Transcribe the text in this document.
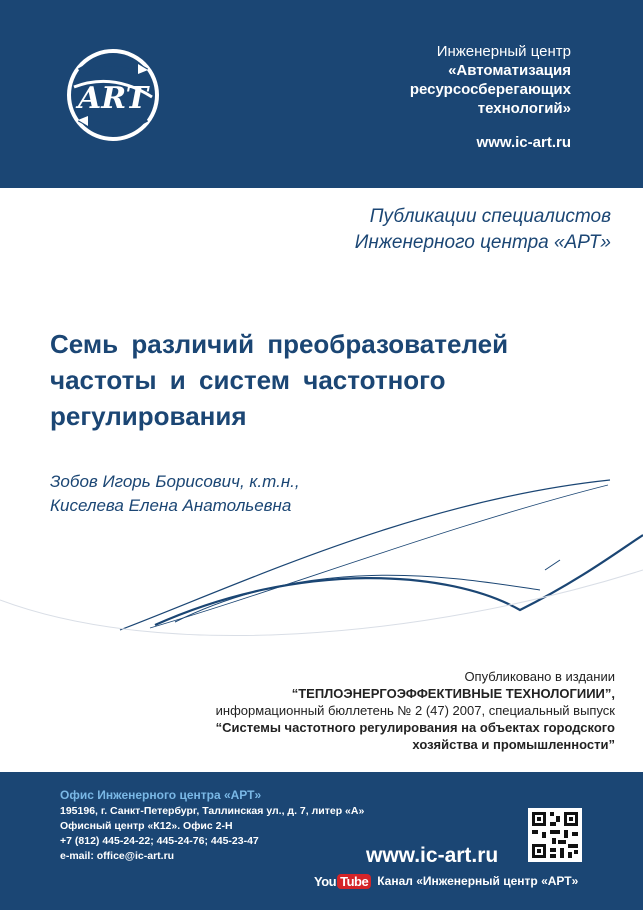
ART
Инженерный центр
«Автоматизация
ресурсосберегающих
технологий»
www.ic-art.ru
Публикации специалистов
Инженерного центра «АРТ»
Семь различий преобразователей
частоты и систем частотного
регулирования
Зобов Игорь Борисович, к.т.н.,
Киселева Елена Анатольевна
Опубликовано в издании
“ТЕПЛОЭНЕРГОЭФФЕКТИВНЫЕ ТЕХНОЛОГИИИ”,
информационный бюллетень № 2 (47) 2007, специальный выпуск
“Системы частотного регулирования на объектах городского
хозяйства и промышленности”
Офис Инженерного центра «АРТ»
195196, г. Санкт-Петербург, Таллинская ул., д. 7, литер «А»
Офисный центр «К12». Офис 2-Н
+7 (812) 445-24-22; 445-24-76; 445-23-47
e-mail: office@ic-art.ru	www.ic-art.ru
You Tube Канал «Инженерный центр «АРТ»
